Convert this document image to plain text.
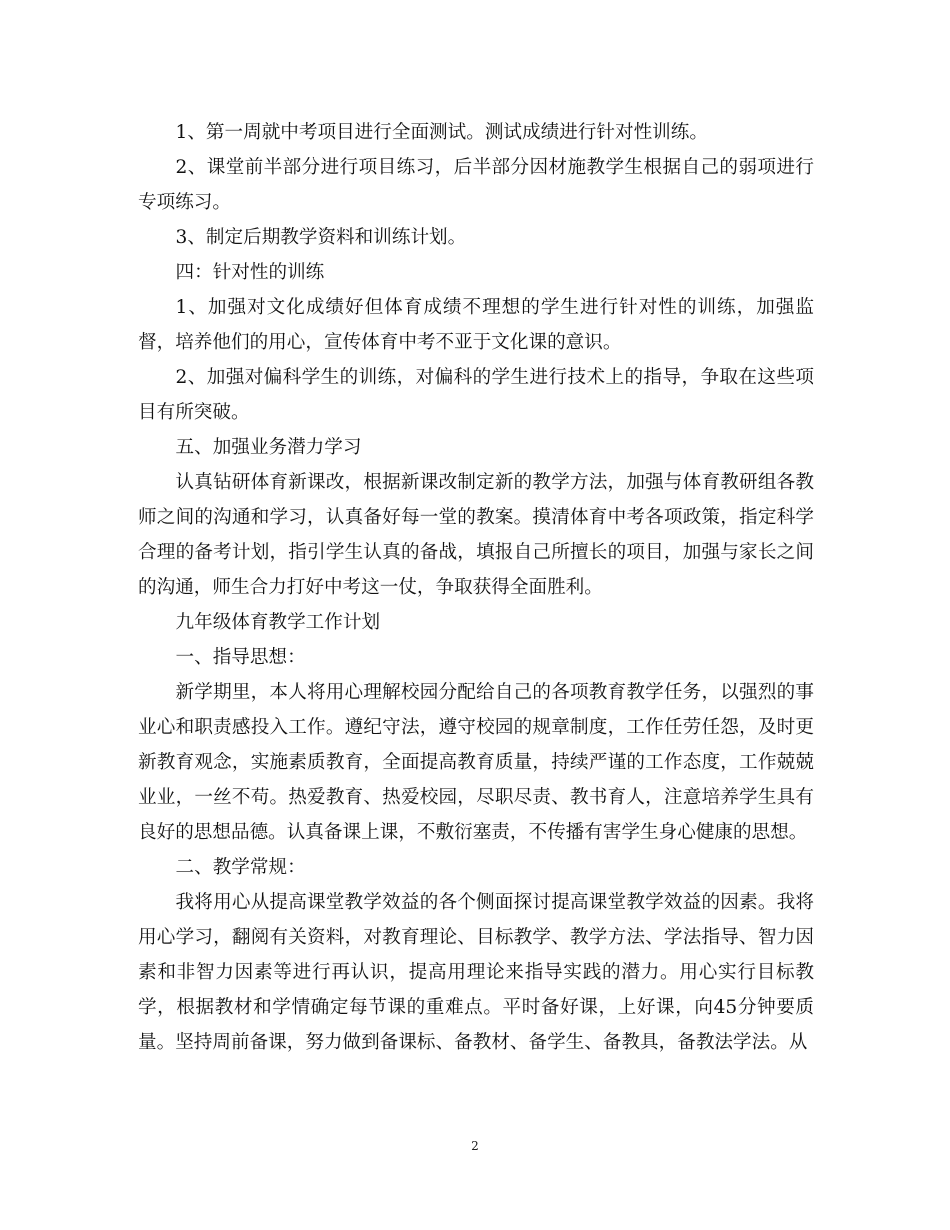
1、第一周就中考项目进行全面测试。测试成绩进行针对性训练。

2、课堂前半部分进行项目练习，后半部分因材施教学生根据自己的弱项进行专项练习。

3、制定后期教学资料和训练计划。

四：针对性的训练

1、加强对文化成绩好但体育成绩不理想的学生进行针对性的训练，加强监督，培养他们的用心，宣传体育中考不亚于文化课的意识。

2、加强对偏科学生的训练，对偏科的学生进行技术上的指导，争取在这些项目有所突破。

五、加强业务潜力学习

认真钻研体育新课改，根据新课改制定新的教学方法，加强与体育教研组各教师之间的沟通和学习，认真备好每一堂的教案。摸清体育中考各项政策，指定科学合理的备考计划，指引学生认真的备战，填报自己所擅长的项目，加强与家长之间的沟通，师生合力打好中考这一仗，争取获得全面胜利。

九年级体育教学工作计划

一、指导思想：

新学期里，本人将用心理解校园分配给自己的各项教育教学任务，以强烈的事业心和职责感投入工作。遵纪守法，遵守校园的规章制度，工作任劳任怨，及时更新教育观念，实施素质教育，全面提高教育质量，持续严谨的工作态度，工作兢兢业业，一丝不苟。热爱教育、热爱校园，尽职尽责、教书育人，注意培养学生具有良好的思想品德。认真备课上课，不敷衍塞责，不传播有害学生身心健康的思想。

二、教学常规：

我将用心从提高课堂教学效益的各个侧面探讨提高课堂教学效益的因素。我将用心学习，翻阅有关资料，对教育理论、目标教学、教学方法、学法指导、智力因素和非智力因素等进行再认识，提高用理论来指导实践的潜力。用心实行目标教学，根据教材和学情确定每节课的重难点。平时备好课，上好课，向45分钟要质量。坚持周前备课，努力做到备课标、备教材、备学生、备教具，备教法学法。从

2
